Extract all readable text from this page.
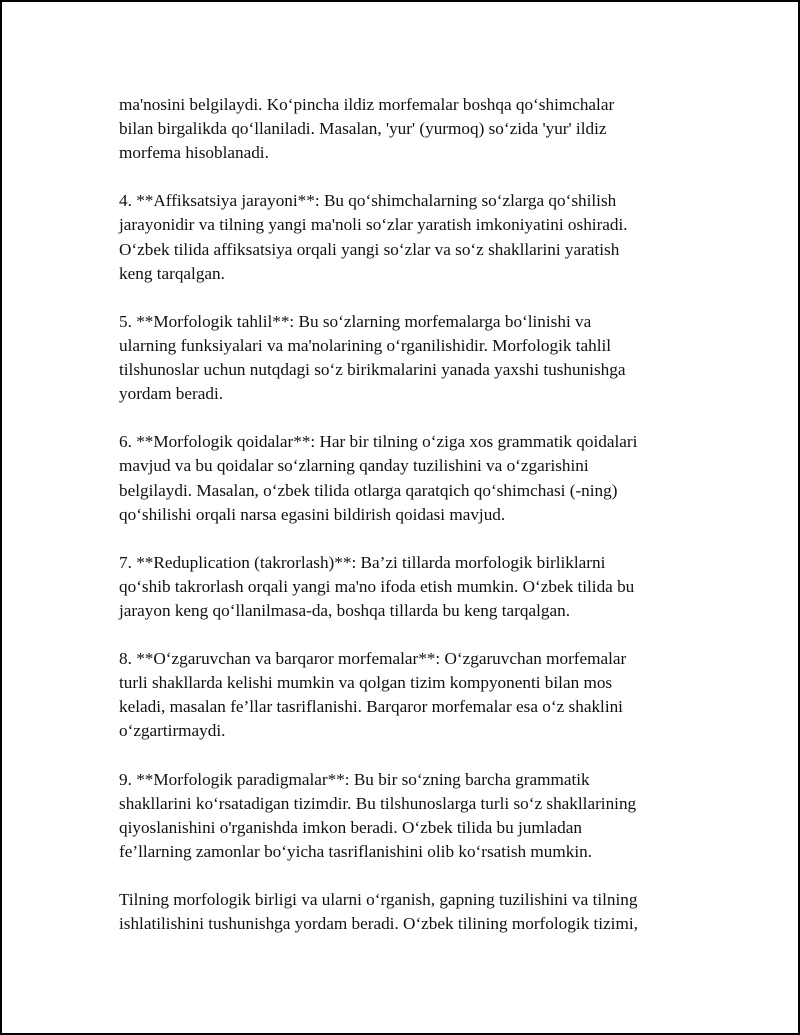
ma'nosini belgilaydi. Koʻpincha ildiz morfemalar boshqa qoʻshimchalar
bilan birgalikda qoʻllaniladi. Masalan, 'yur' (yurmoq) soʻzida 'yur' ildiz
morfema hisoblanadi.

4. **Affiksatsiya jarayoni**: Bu qoʻshimchalarning soʻzlarga qoʻshilish
jarayonidir va tilning yangi ma'noli soʻzlar yaratish imkoniyatini oshiradi.
Oʻzbek tilida affiksatsiya orqali yangi soʻzlar va soʻz shakllarini yaratish
keng tarqalgan.

5. **Morfologik tahlil**: Bu soʻzlarning morfemalarga boʻlinishi va
ularning funksiyalari va ma'nolarining oʻrganilishidir. Morfologik tahlil
tilshunoslar uchun nutqdagi soʻz birikmalarini yanada yaxshi tushunishga
yordam beradi.

6. **Morfologik qoidalar**: Har bir tilning oʻziga xos grammatik qoidalari
mavjud va bu qoidalar soʻzlarning qanday tuzilishini va oʻzgarishini
belgilaydi. Masalan, oʻzbek tilida otlarga qaratqich qoʻshimchasi (-ning)
qoʻshilishi orqali narsa egasini bildirish qoidasi mavjud.

7. **Reduplication (takrorlash)**: Ba’zi tillarda morfologik birliklarni
qoʻshib takrorlash orqali yangi ma'no ifoda etish mumkin. Oʻzbek tilida bu
jarayon keng qoʻllanilmasa-da, boshqa tillarda bu keng tarqalgan.

8. **Oʻzgaruvchan va barqaror morfemalar**: Oʻzgaruvchan morfemalar
turli shakllarda kelishi mumkin va qolgan tizim kompyonenti bilan mos
keladi, masalan fe’llar tasriflanishi. Barqaror morfemalar esa oʻz shaklini
oʻzgartirmaydi.

9. **Morfologik paradigmalar**: Bu bir soʻzning barcha grammatik
shakllarini koʻrsatadigan tizimdir. Bu tilshunoslarga turli soʻz shakllarining
qiyoslanishini o'rganishda imkon beradi. Oʻzbek tilida bu jumladan
fe’llarning zamonlar boʻyicha tasriflanishini olib koʻrsatish mumkin.

Tilning morfologik birligi va ularni oʻrganish, gapning tuzilishini va tilning
ishlatilishini tushunishga yordam beradi. Oʻzbek tilining morfologik tizimi,
